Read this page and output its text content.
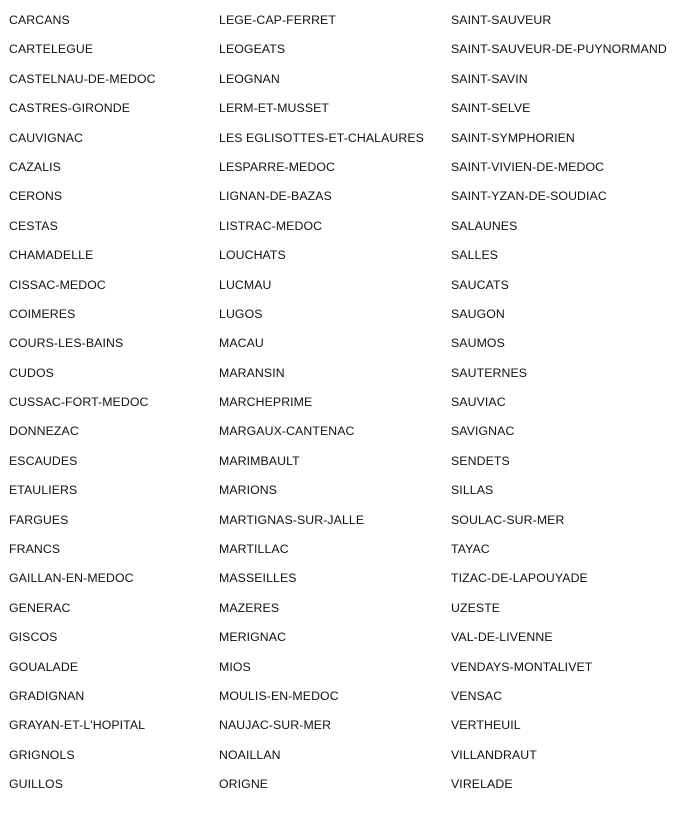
CARCANS
CARTELEGUE
CASTELNAU-DE-MEDOC
CASTRES-GIRONDE
CAUVIGNAC
CAZALIS
CERONS
CESTAS
CHAMADELLE
CISSAC-MEDOC
COIMERES
COURS-LES-BAINS
CUDOS
CUSSAC-FORT-MEDOC
DONNEZAC
ESCAUDES
ETAULIERS
FARGUES
FRANCS
GAILLAN-EN-MEDOC
GENERAC
GISCOS
GOUALADE
GRADIGNAN
GRAYAN-ET-L'HOPITAL
GRIGNOLS
GUILLOS
LEGE-CAP-FERRET
LEOGEATS
LEOGNAN
LERM-ET-MUSSET
LES EGLISOTTES-ET-CHALAURES
LESPARRE-MEDOC
LIGNAN-DE-BAZAS
LISTRAC-MEDOC
LOUCHATS
LUCMAU
LUGOS
MACAU
MARANSIN
MARCHEPRIME
MARGAUX-CANTENAC
MARIMBAULT
MARIONS
MARTIGNAS-SUR-JALLE
MARTILLAC
MASSEILLES
MAZERES
MERIGNAC
MIOS
MOULIS-EN-MEDOC
NAUJAC-SUR-MER
NOAILLAN
ORIGNE
SAINT-SAUVEUR
SAINT-SAUVEUR-DE-PUYNORMAND
SAINT-SAVIN
SAINT-SELVE
SAINT-SYMPHORIEN
SAINT-VIVIEN-DE-MEDOC
SAINT-YZAN-DE-SOUDIAC
SALAUNES
SALLES
SAUCATS
SAUGON
SAUMOS
SAUTERNES
SAUVIAC
SAVIGNAC
SENDETS
SILLAS
SOULAC-SUR-MER
TAYAC
TIZAC-DE-LAPOUYADE
UZESTE
VAL-DE-LIVENNE
VENDAYS-MONTALIVET
VENSAC
VERTHEUIL
VILLANDRAUT
VIRELADE
